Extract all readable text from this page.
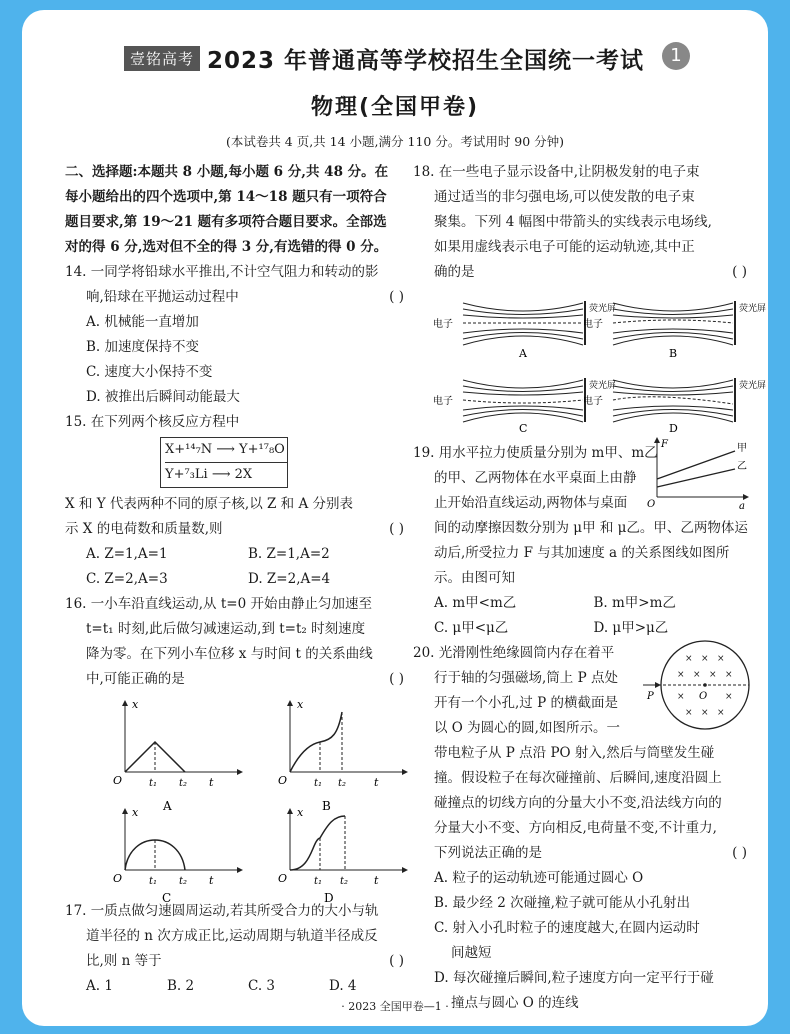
壹铭高考 2023 年普通高等学校招生全国统一考试	1
物理(全国甲卷)
(本试卷共 4 页,共 14 小题,满分 110 分。考试用时 90 分钟)

二、选择题:本题共 8 小题,每小题 6 分,共 48 分。在

每小题给出的四个选项中,第 14～18 题只有一项符合

题目要求,第 19～21 题有多项符合题目要求。全部选

对的得 6 分,选对但不全的得 3 分,有选错的得 0 分。

14. 一同学将铅球水平推出,不计空气阻力和转动的影

响,铅球在平抛运动过程中	( )

A. 机械能一直增加

B. 加速度保持不变

C. 速度大小保持不变

D. 被推出后瞬间动能最大

15. 在下列两个核反应方程中

X+¹⁴₇N ⟶ Y+¹⁷₈O
Y+⁷₃Li ⟶ 2X

X 和 Y 代表两种不同的原子核,以 Z 和 A 分别表

示 X 的电荷数和质量数,则	( )

A. Z=1,A=1	B. Z=1,A=2
C. Z=2,A=3	D. Z=2,A=4

16. 一小车沿直线运动,从 t=0 开始由静止匀加速至

t=t₁ 时刻,此后做匀减速运动,到 t=t₂ 时刻速度

降为零。在下列小车位移 x 与时间 t 的关系曲线

中,可能正确的是	( )

x
O	t₁ t₂ t
A
x
O	t₁ t₂	t
B
x
O	t₁ t₂ t
C
x
O	t₁ t₂ t
D

17. 一质点做匀速圆周运动,若其所受合力的大小与轨

道半径的 n 次方成正比,运动周期与轨道半径成反

比,则 n 等于	( )

A. 1	B. 2	C. 3	D. 4

18. 在一些电子显示设备中,让阴极发射的电子束

通过适当的非匀强电场,可以使发散的电子束

聚集。下列 4 幅图中带箭头的实线表示电场线,

如果用虚线表示电子可能的运动轨迹,其中正

确的是	( )

电子
荧光屏
A
电子
荧光屏
B

电子
荧光屏
C
电子
荧光屏
D
F
a
O
甲
乙

19. 用水平拉力使质量分别为 m甲、m乙

的甲、乙两物体在水平桌面上由静

止开始沿直线运动,两物体与桌面

间的动摩擦因数分别为 μ甲 和 μ乙。甲、乙两物体运

动后,所受拉力 F 与其加速度 a 的关系图线如图所

示。由图可知

A. m甲<m乙	B. m甲>m乙
C. μ甲<μ乙	D. μ甲>μ乙
× × ×
× × × ×
×	×
× × ×
P	O

20. 光滑刚性绝缘圆筒内存在着平

行于轴的匀强磁场,筒上 P 点处

开有一个小孔,过 P 的横截面是

以 O 为圆心的圆,如图所示。一

带电粒子从 P 点沿 PO 射入,然后与筒壁发生碰

撞。假设粒子在每次碰撞前、后瞬间,速度沿圆上

碰撞点的切线方向的分量大小不变,沿法线方向的

分量大小不变、方向相反,电荷量不变,不计重力,

下列说法正确的是	( )

A. 粒子的运动轨迹可能通过圆心 O

B. 最少经 2 次碰撞,粒子就可能从小孔射出

C. 射入小孔时粒子的速度越大,在圆内运动时

间越短

D. 每次碰撞后瞬间,粒子速度方向一定平行于碰

撞点与圆心 O 的连线

· 2023 全国甲卷—1 ·
